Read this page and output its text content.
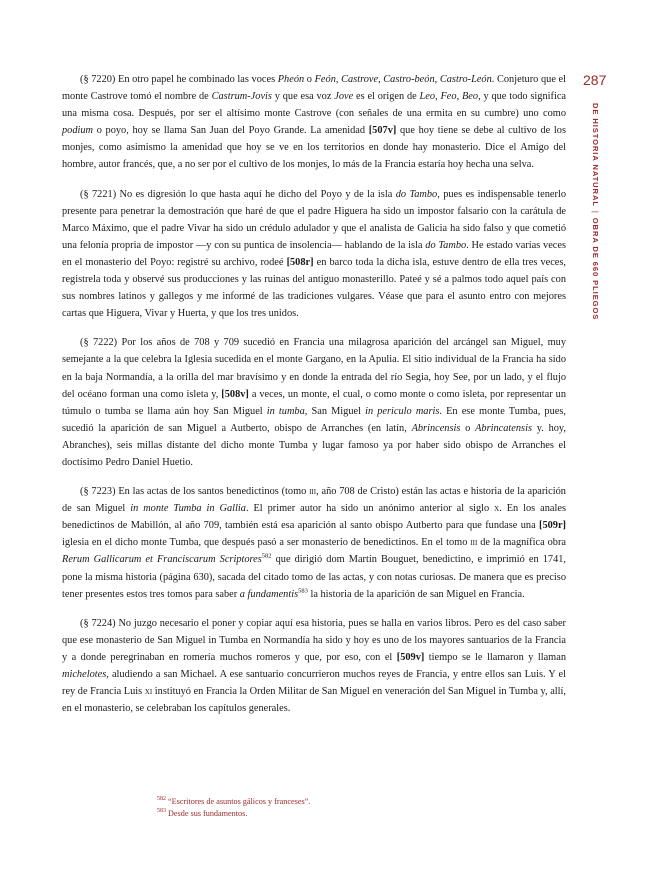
287
DE HISTORIA NATURAL|OBRA DE 660 PLIEGOS

(§ 7220) En otro papel he combinado las voces Pheón o Feón, Castrove, Castro-beón, Castro-León. Conjeturo que el monte Castrove tomó el nombre de Castrum-Jovis y que esa voz Jove es el origen de Leo, Feo, Beo, y que todo significa una misma cosa. Después, por ser el altísimo monte Castrove (con señales de una ermita en su cumbre) uno como podium o poyo, hoy se llama San Juan del Poyo Grande. La amenidad [507v] que hoy tiene se debe al cultivo de los monjes, como asimismo la amenidad que hoy se ve en los territorios en donde hay monasterio. Dice el Amigo del hombre, autor francés, que, a no ser por el cultivo de los monjes, lo más de la Francia estaría hoy hecha una selva.

(§ 7221) No es digresión lo que hasta aquí he dicho del Poyo y de la isla do Tambo, pues es indispensable tenerlo presente para penetrar la demostración que haré de que el padre Higuera ha sido un impostor falsario con la carátula de Marco Máximo, que el padre Vivar ha sido un crédulo adulador y que el analista de Galicia ha sido falso y que cometió una felonía propria de impostor —y con su puntica de insolencia— hablando de la isla do Tambo. He estado varias veces en el monasterio del Poyo: registré su archivo, rodeé [508r] en barco toda la dicha isla, estuve dentro de ella tres veces, registrela toda y observé sus producciones y las ruinas del antiguo monasterillo. Pateé y sé a palmos todo aquel país con sus nombres latinos y gallegos y me informé de las tradiciones vulgares. Véase que para el asunto entro con mejores cartas que Higuera, Vivar y Huerta, y que los tres unidos.

(§ 7222) Por los años de 708 y 709 sucedió en Francia una milagrosa aparición del arcángel san Miguel, muy semejante a la que celebra la Iglesia sucedida en el monte Gargano, en la Apulia. El sitio individual de la Francia ha sido en la baja Normandía, a la orilla del mar bravísimo y en donde la entrada del río Segia, hoy See, por un lado, y el flujo del océano forman una como isleta y, [508v] a veces, un monte, el cual, o como monte o como isleta, por representar un túmulo o tumba se llama aún hoy San Miguel in tumba, San Miguel in periculo maris. En ese monte Tumba, pues, sucedió la aparición de san Miguel a Autberto, obispo de Arranches (en latín, Abrincensis o Abrincatensis y. hoy, Abranches), seis millas distante del dicho monte Tumba y lugar famoso ya por haber sido obispo de Arranches el doctísimo Pedro Daniel Huetio.

(§ 7223) En las actas de los santos benedictinos (tomo iii, año 708 de Cristo) están las actas e historia de la aparición de san Miguel in monte Tumba in Gallia. El primer autor ha sido un anónimo anterior al siglo x. En los anales benedictinos de Mabillón, al año 709, también está esa aparición al santo obispo Autberto para que fundase una [509r] iglesia en el dicho monte Tumba, que después pasó a ser monasterio de benedictinos. En el tomo iii de la magnífica obra Rerum Gallicarum et Franciscarum Scriptores$^{582}$ que dirigió dom Martín Bouguet, benedictino, e imprimió en 1741, pone la misma historia (página 630), sacada del citado tomo de las actas, y con notas curiosas. De manera que es preciso tener presentes estos tres tomos para saber a fundamentis$^{583}$ la historia de la aparición de san Miguel en Francia.

(§ 7224) No juzgo necesario el poner y copiar aquí esa historia, pues se halla en varios libros. Pero es del caso saber que ese monasterio de San Miguel in Tumba en Normandía ha sido y hoy es uno de los mayores santuarios de la Francia y a donde peregrinaban en romería muchos romeros y que, por eso, con el [509v] tiempo se le llamaron y llaman michelotes, aludiendo a san Michael. A ese santuario concurrieron muchos reyes de Francia, y entre ellos san Luis. Y el rey de Francia Luis xi instituyó en Francia la Orden Militar de San Miguel en veneración del San Miguel in Tumba y, allí, en el monasterio, se celebraban los capítulos generales.

$^{582}$ “Escritores de asuntos gálicos y franceses”.
$^{583}$ Desde sus fundamentos.
